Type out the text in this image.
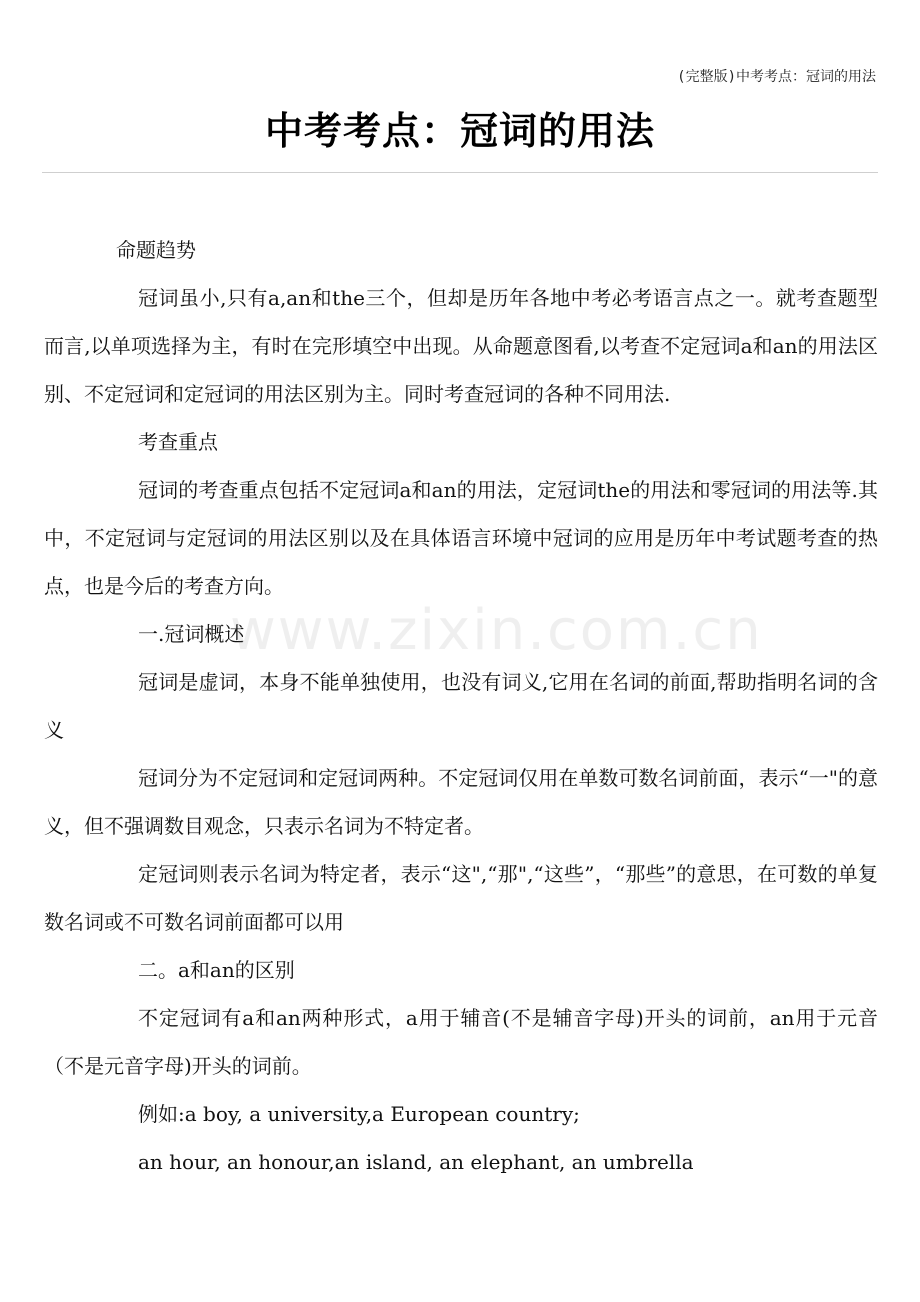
(完整版)中考考点：冠词的用法
中考考点：冠词的用法

命题趋势

冠词虽小,只有a,an和the三个，但却是历年各地中考必考语言点之一。就考查题型而言,以单项选择为主，有时在完形填空中出现。从命题意图看,以考查不定冠词a和an的用法区别、不定冠词和定冠词的用法区别为主。同时考查冠词的各种不同用法.

考查重点

冠词的考查重点包括不定冠词a和an的用法，定冠词the的用法和零冠词的用法等.其中，不定冠词与定冠词的用法区别以及在具体语言环境中冠词的应用是历年中考试题考查的热点，也是今后的考查方向。

一.冠词概述

冠词是虚词，本身不能单独使用，也没有词义,它用在名词的前面,帮助指明名词的含义

冠词分为不定冠词和定冠词两种。不定冠词仅用在单数可数名词前面，表示“一"的意义，但不强调数目观念，只表示名词为不特定者。

定冠词则表示名词为特定者，表示“这",“那",“这些”，“那些”的意思，在可数的单复数名词或不可数名词前面都可以用

二。a和an的区别

不定冠词有a和an两种形式，a用于辅音(不是辅音字母)开头的词前，an用于元音（不是元音字母)开头的词前。

例如:a boy, a university,a European country;

an hour, an honour,an island, an elephant, an umbrella

www.zixin.com.cn
